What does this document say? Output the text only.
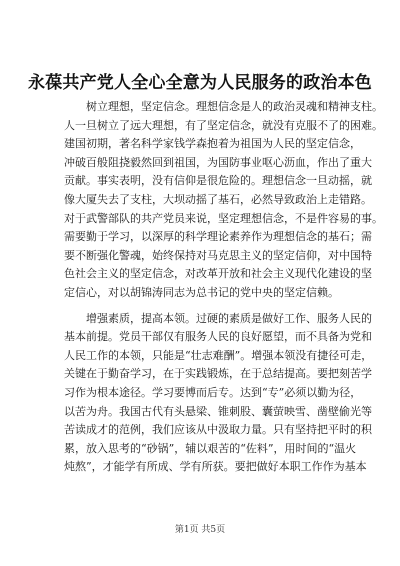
永葆共产党人全心全意为人民服务的政治本色
树立理想，坚定信念。理想信念是人的政治灵魂和精神支柱。
人一旦树立了远大理想，有了坚定信念，就没有克服不了的困难。
建国初期，著名科学家钱学森抱着为祖国为人民的坚定信念，
冲破百般阻挠毅然回到祖国，为国防事业呕心沥血，作出了重大
贡献。事实表明，没有信仰是很危险的。理想信念一旦动摇，就
像大厦失去了支柱，大坝动摇了基石，必然导致政治上走错路。
对于武警部队的共产党员来说，坚定理想信念，不是件容易的事。
需要勤于学习，以深厚的科学理论素养作为理想信念的基石；需
要不断强化警魂，始终保持对马克思主义的坚定信仰，对中国特
色社会主义的坚定信念，对改革开放和社会主义现代化建设的坚
定信心，对以胡锦涛同志为总书记的党中央的坚定信赖。
增强素质，提高本领。过硬的素质是做好工作、服务人民的
基本前提。党员干部仅有服务人民的良好愿望，而不具备为党和
人民工作的本领，只能是“壮志难酬”。增强本领没有捷径可走，
关键在于勤奋学习，在于实践锻炼，在于总结提高。要把刻苦学
习作为根本途径。学习要博而后专。达到“专”必须以勤为径，
以苦为舟。我国古代有头悬梁、锥刺股、囊萤映雪、凿壁偷光等
苦读成才的范例，我们应该从中汲取力量。只有坚持把平时的积
累，放入思考的“砂锅”，辅以艰苦的“佐料”，用时间的“温火
炖熬”，才能学有所成、学有所获。要把做好本职工作作为基本
第1页 共5页
